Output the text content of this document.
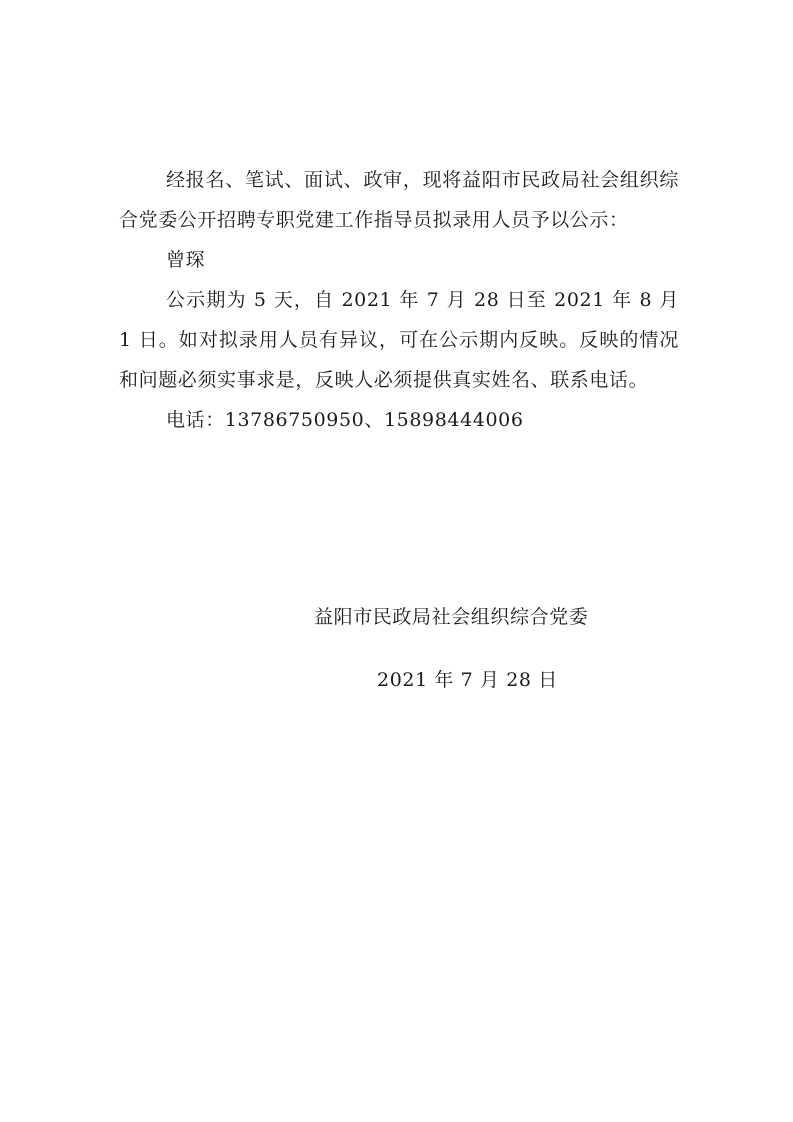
经报名、笔试、面试、政审，现将益阳市民政局社会组织综合党委公开招聘专职党建工作指导员拟录用人员予以公示：

曾琛

公示期为 5 天，自 2021 年 7 月 28 日至 2021 年 8 月 1 日。如对拟录用人员有异议，可在公示期内反映。反映的情况和问题必须实事求是，反映人必须提供真实姓名、联系电话。

电话：13786750950、15898444006

益阳市民政局社会组织综合党委
2021 年 7 月 28 日
